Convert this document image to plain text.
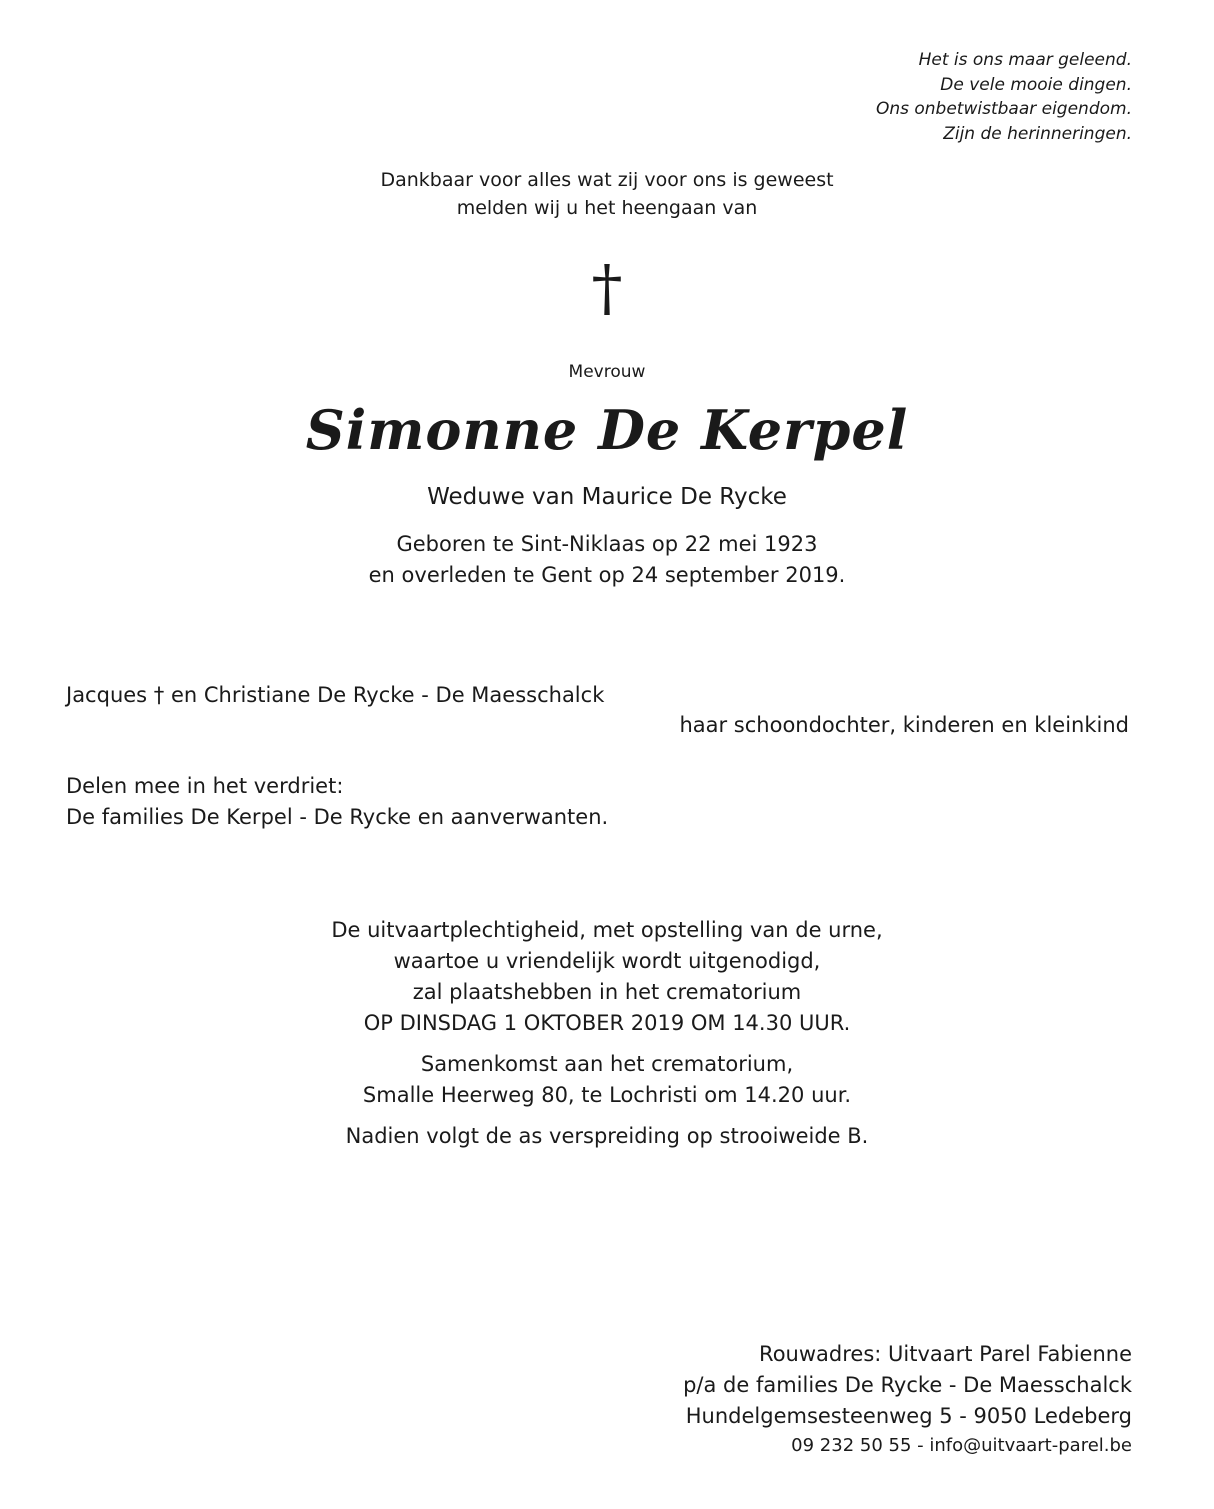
Het is ons maar geleend.
De vele mooie dingen.
Ons onbetwistbaar eigendom.
Zijn de herinneringen.
Dankbaar voor alles wat zij voor ons is geweest
melden wij u het heengaan van
†
Mevrouw
Simonne De Kerpel
Weduwe van Maurice De Rycke
Geboren te Sint-Niklaas op 22 mei 1923
en overleden te Gent op 24 september 2019.
Jacques † en Christiane De Rycke - De Maesschalck
haar schoondochter, kinderen en kleinkind
Delen mee in het verdriet:
De families De Kerpel - De Rycke en aanverwanten.

De uitvaartplechtigheid, met opstelling van de urne,

waartoe u vriendelijk wordt uitgenodigd,

zal plaatshebben in het crematorium

OP DINSDAG 1 OKTOBER 2019 OM 14.30 UUR.

Samenkomst aan het crematorium,

Smalle Heerweg 80, te Lochristi om 14.20 uur.

Nadien volgt de as verspreiding op strooiweide B.

Rouwadres: Uitvaart Parel Fabienne
p/a de families De Rycke - De Maesschalck
Hundelgemsesteenweg 5 - 9050 Ledeberg
09 232 50 55 - info@uitvaart-parel.be
